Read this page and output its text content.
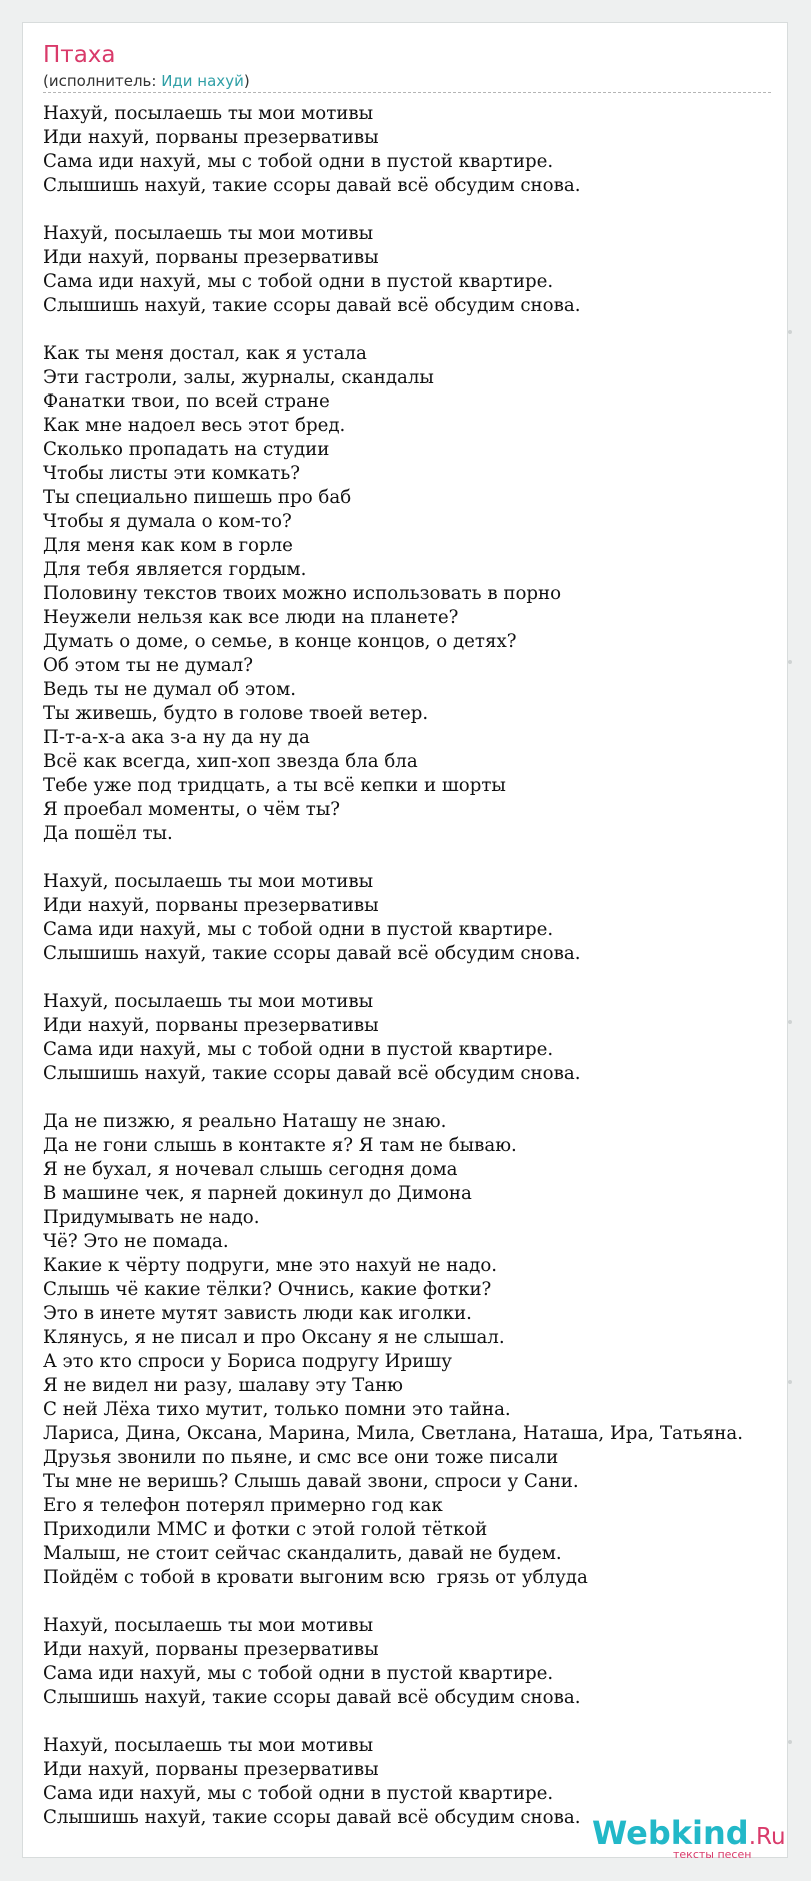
Птаха
(исполнитель: Иди нахуй)
Нахуй, посылаешь ты мои мотивы
Иди нахуй, порваны презервативы
Сама иди нахуй, мы с тобой одни в пустой квартире.
Слышишь нахуй, такие ссоры давай всё обсудим снова.

Нахуй, посылаешь ты мои мотивы
Иди нахуй, порваны презервативы
Сама иди нахуй, мы с тобой одни в пустой квартире.
Слышишь нахуй, такие ссоры давай всё обсудим снова.

Как ты меня достал, как я устала
Эти гастроли, залы, журналы, скандалы
Фанатки твои, по всей стране
Как мне надоел весь этот бред.
Сколько пропадать на студии
Чтобы листы эти комкать?
Ты специально пишешь про баб
Чтобы я думала о ком-то?
Для меня как ком в горле
Для тебя является гордым.
Половину текстов твоих можно использовать в порно
Неужели нельзя как все люди на планете?
Думать о доме, о семье, в конце концов, о детях?
Об этом ты не думал?
Ведь ты не думал об этом.
Ты живешь, будто в голове твоей ветер.
П-т-а-х-а ака з-а ну да ну да
Всё как всегда, хип-хоп звезда бла бла
Тебе уже под тридцать, а ты всё кепки и шорты
Я проебал моменты, о чём ты?
Да пошёл ты.

Нахуй, посылаешь ты мои мотивы
Иди нахуй, порваны презервативы
Сама иди нахуй, мы с тобой одни в пустой квартире.
Слышишь нахуй, такие ссоры давай всё обсудим снова.

Нахуй, посылаешь ты мои мотивы
Иди нахуй, порваны презервативы
Сама иди нахуй, мы с тобой одни в пустой квартире.
Слышишь нахуй, такие ссоры давай всё обсудим снова.

Да не пизжю, я реально Наташу не знаю.
Да не гони слышь в контакте я? Я там не бываю.
Я не бухал, я ночевал слышь сегодня дома
В машине чек, я парней докинул до Димона
Придумывать не надо.
Чё? Это не помада.
Какие к чёрту подруги, мне это нахуй не надо.
Слышь чё какие тёлки? Очнись, какие фотки?
Это в инете мутят зависть люди как иголки.
Клянусь, я не писал и про Оксану я не слышал.
А это кто спроси у Бориса подругу Иришу
Я не видел ни разу, шалаву эту Таню
С ней Лёха тихо мутит, только помни это тайна.
Лариса, Дина, Оксана, Марина, Мила, Светлана, Наташа, Ира, Татьяна.
Друзья звонили по пьяне, и смс все они тоже писали
Ты мне не веришь? Слышь давай звони, спроси у Сани.
Его я телефон потерял примерно год как
Приходили ММС и фотки с этой голой тёткой
Малыш, не стоит сейчас скандалить, давай не будем.
Пойдём с тобой в кровати выгоним всю  грязь от ублуда

Нахуй, посылаешь ты мои мотивы
Иди нахуй, порваны презервативы
Сама иди нахуй, мы с тобой одни в пустой квартире.
Слышишь нахуй, такие ссоры давай всё обсудим снова.

Нахуй, посылаешь ты мои мотивы
Иди нахуй, порваны презервативы
Сама иди нахуй, мы с тобой одни в пустой квартире.
Слышишь нахуй, такие ссоры давай всё обсудим снова. Webkind.Ru
тексты песен
